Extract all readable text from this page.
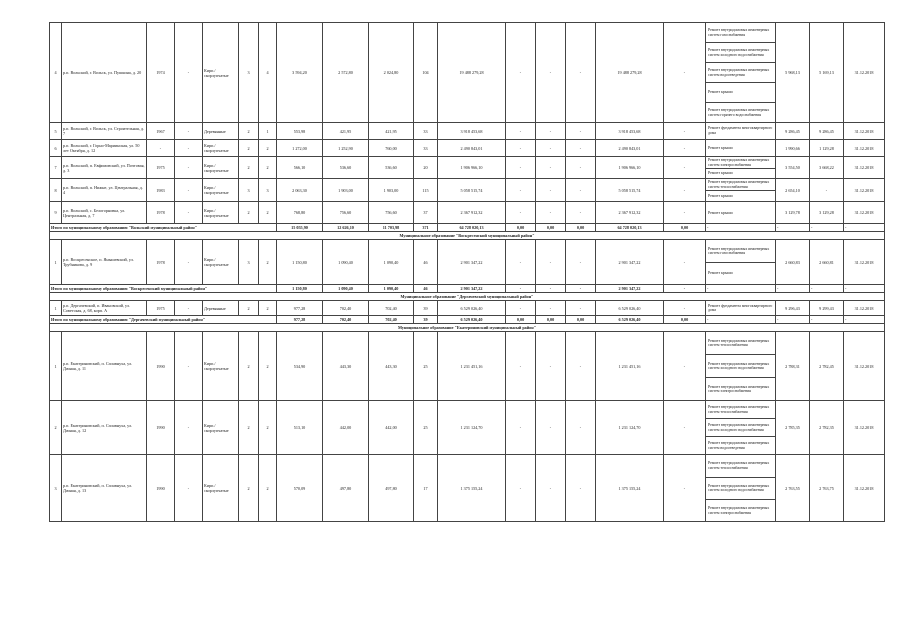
4	р.п. Вольский, г. Вольск, ул. Пушкина, д. 20	1974	-	Кирп./ скорлупчатые	3	4	3 594,20	2 572,80	2 024,80	104	19 488 279,28	-	-	-	19 488 279,28	-	Ремонт внутридомовых инженерных систем газоснабжения	5 968,13	5 169,13	31.12.2018
																	Ремонт внутридомовых инженерных систем холодного водоснабжения			
																	Ремонт внутридомовых инженерных систем водоотведения			
																	Ремонт крыши			
																	Ремонт внутридомовых инженерных систем горячего водоснабжения			
5	р.п. Вольский, г. Вольск, ул. Строительная, д. 7	1967	-	Деревянные	2	1	553,98	421,95	421,95	33	3 918 453,68	-	-	-	3 918 453,68	-	Ремонт фундамента многоквартирного дома	9 286,45	9 286,45	31.12.2018
6	р.п. Вольский, г. Горно-Мариинская, ул. 50 лет Октября, д. 12	-	-	Кирп./ скорлупчатые	2	2	1 272,00	1 252,90	760,00	33	2 490 843,01	-	-	-	2 490 843,01	-	Ремонт крыши	1 990,66	1 129,28	31.12.2018
7	р.п. Вольский, п. Евфимовский, ул. Почтовая, д. 3	1975	-	Кирп./ скорлупчатые	2	2	566,10	536,60	536,60	20	1 906 966,10	-	-	-	1 906 966,10	-	Ремонт внутридомовых инженерных систем электроснабжения	3 554,50	3 668,22	31.12.2018
																	Ремонт крыши			
8	р.п. Вольский, п. Нижне, ул. Центральная, д. 4	1983	-	Кирп./ скорлупчатые	3	3	2 063,30	1 903,00	1 903,00	115	5 058 515,74	-	-	-	5 058 515,74	-	Ремонт внутридомовых инженерных систем теплоснабжения	2 654,10	-	31.12.2018
																	Ремонт крыши			
9	р.п. Вольский, с. Белогорновка, ул. Центральная, д. 7	1978	-	Кирп./ скорлупчатые	2	2	768,80	756,60	756,60	37	2 367 912,32	-	-	-	2 367 912,32	-	Ремонт крыши	3 129,78	3 129,28	31.12.2018
Итого по муниципальному образованию "Вольский муниципальный район"							15 055,90	12 626,10	11 703,98	371	64 728 020,13	0,00	0,00	0,00	64 728 020,13	0,00	-	-	-	-
Муниципальное образование "Воскресенский муниципальный район"																				
1	р.п. Воскресенское, п. Янышевский, ул. Трубникова, д. 9	1978	-	Кирп./ скорлупчатые	3	2	1 150,80	1 090,40	1 090,40	46	2 901 347,22	-	-	-	2 901 347,22	-	Ремонт внутридомовых инженерных систем газоснабжения	2 660,83	2 660,81	31.12.2018
																	Ремонт крыши			
Итого по муниципальному образованию "Воскресенский муниципальный район"							1 150,80	1 090,40	1 090,40	46	2 901 347,22	-	-	-	2 901 347,22	-	-	-	-	-
Муниципальное образование "Дергачевский муниципальный район"																				
1	р.п. Дергачевский, п. Ивановский, ул. Советская, д. 68, корп. А	1975	-	Деревянные	2	2	977,28	702,40	702,40	39	6 529 026,40	-	-	-	6 529 026,40	-	Ремонт фундамента многоквартирного дома	9 296,43	9 299,43	31.12.2018
Итого по муниципальному образованию "Дергачевский муниципальный район"							977,28	702,40	702,40	39	6 529 026,40	0,00	0,00	0,00	6 529 026,40	0,00	-	-	-	-
Муниципальное образование "Екатериновский муниципальный район"																				
1	р.п. Екатериновский, п. Сплавнуха, ул. Дачная, д. 11	1990	-	Кирп./ скорлупчатые	2	2	534,90	443,30	443,30	25	1 231 451,16	-	-	-	1 231 451,16	-	Ремонт внутридомовых инженерных систем теплоснабжения	2 788,31	2 782,45	31.12.2018
																	Ремонт внутридомовых инженерных систем холодного водоснабжения			
																	Ремонт внутридомовых инженерных систем электроснабжения			
2	р.п. Екатериновский, п. Сплавнуха, ул. Дачная, д. 12	1990	-	Кирп./ скорлупчатые	2	2	513,10	442,00	442,00	25	1 231 124,70	-	-	-	1 231 124,70	-	Ремонт внутридомовых инженерных систем теплоснабжения	2 785,35	2 782,35	31.12.2018
																	Ремонт внутридомовых инженерных систем холодного водоснабжения			
																	Ремонт внутридомовых инженерных систем водоотведения			
3	р.п. Екатериновский, п. Сплавнуха, ул. Дачная, д. 13	1990	-	Кирп./ скорлупчатые	2	2	570,09	497,80	497,80	17	1 375 155,24	-	-	-	1 375 155,24	-	Ремонт внутридомовых инженерных систем теплоснабжения	2 763,55	2 763,75	31.12.2018
																	Ремонт внутридомовых инженерных систем холодного водоснабжения			
																	Ремонт внутридомовых инженерных систем электроснабжения			
